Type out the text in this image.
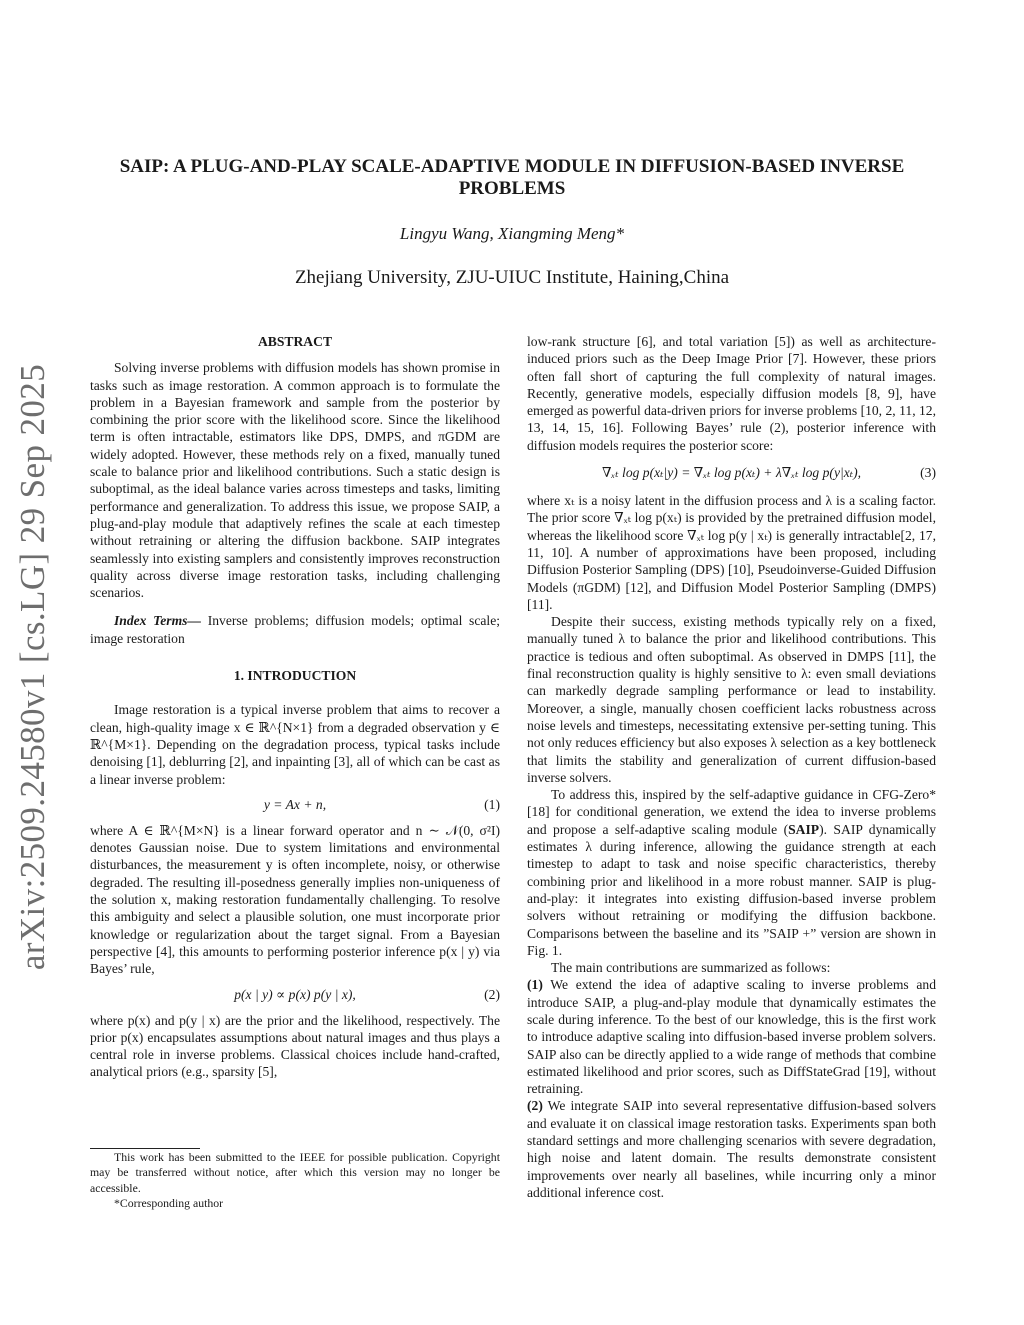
arXiv:2509.24580v1 [cs.LG] 29 Sep 2025
SAIP: A PLUG-AND-PLAY SCALE-ADAPTIVE MODULE IN DIFFUSION-BASED INVERSE PROBLEMS
Lingyu Wang, Xiangming Meng*
Zhejiang University, ZJU-UIUC Institute, Haining,China

ABSTRACT

Solving inverse problems with diffusion models has shown promise in tasks such as image restoration. A common approach is to formulate the problem in a Bayesian framework and sample from the posterior by combining the prior score with the likelihood score. Since the likelihood term is often intractable, estimators like DPS, DMPS, and πGDM are widely adopted. However, these methods rely on a fixed, manually tuned scale to balance prior and likelihood contributions. Such a static design is suboptimal, as the ideal balance varies across timesteps and tasks, limiting performance and generalization. To address this issue, we propose SAIP, a plug-and-play module that adaptively refines the scale at each timestep without retraining or altering the diffusion backbone. SAIP integrates seamlessly into existing samplers and consistently improves reconstruction quality across diverse image restoration tasks, including challenging scenarios.

Index Terms— Inverse problems; diffusion models; optimal scale; image restoration

1. INTRODUCTION

Image restoration is a typical inverse problem that aims to recover a clean, high-quality image x ∈ ℝ^{N×1} from a degraded observation y ∈ ℝ^{M×1}. Depending on the degradation process, typical tasks include denoising [1], deblurring [2], and inpainting [3], all of which can be cast as a linear inverse problem:

y = Ax + n,	(1)

where A ∈ ℝ^{M×N} is a linear forward operator and n ∼ 𝒩(0, σ²I) denotes Gaussian noise. Due to system limitations and environmental disturbances, the measurement y is often incomplete, noisy, or otherwise degraded. The resulting ill-posedness generally implies non-uniqueness of the solution x, making restoration fundamentally challenging. To resolve this ambiguity and select a plausible solution, one must incorporate prior knowledge or regularization about the target signal. From a Bayesian perspective [4], this amounts to performing posterior inference p(x | y) via Bayes’ rule,

p(x | y) ∝ p(x) p(y | x),	(2)

where p(x) and p(y | x) are the prior and the likelihood, respectively. The prior p(x) encapsulates assumptions about natural images and thus plays a central role in inverse problems. Classical choices include hand-crafted, analytical priors (e.g., sparsity [5],

low-rank structure [6], and total variation [5]) as well as architecture-induced priors such as the Deep Image Prior [7]. However, these priors often fall short of capturing the full complexity of natural images. Recently, generative models, especially diffusion models [8, 9], have emerged as powerful data-driven priors for inverse problems [10, 2, 11, 12, 13, 14, 15, 16]. Following Bayes’ rule (2), posterior inference with diffusion models requires the posterior score:

∇ₓₜ log p(xₜ|y) = ∇ₓₜ log p(xₜ) + λ∇ₓₜ log p(y|xₜ),	(3)

where xₜ is a noisy latent in the diffusion process and λ is a scaling factor. The prior score ∇ₓₜ log p(xₜ) is provided by the pretrained diffusion model, whereas the likelihood score ∇ₓₜ log p(y | xₜ) is generally intractable[2, 17, 11, 10]. A number of approximations have been proposed, including Diffusion Posterior Sampling (DPS) [10], Pseudoinverse-Guided Diffusion Models (πGDM) [12], and Diffusion Model Posterior Sampling (DMPS) [11].

Despite their success, existing methods typically rely on a fixed, manually tuned λ to balance the prior and likelihood contributions. This practice is tedious and often suboptimal. As observed in DMPS [11], the final reconstruction quality is highly sensitive to λ: even small deviations can markedly degrade sampling performance or lead to instability. Moreover, a single, manually chosen coefficient lacks robustness across noise levels and timesteps, necessitating extensive per-setting tuning. This not only reduces efficiency but also exposes λ selection as a key bottleneck that limits the stability and generalization of current diffusion-based inverse solvers.

To address this, inspired by the self-adaptive guidance in CFG-Zero* [18] for conditional generation, we extend the idea to inverse problems and propose a self-adaptive scaling module (SAIP). SAIP dynamically estimates λ during inference, allowing the guidance strength at each timestep to adapt to task and noise specific characteristics, thereby combining prior and likelihood in a more robust manner. SAIP is plug-and-play: it integrates into existing diffusion-based inverse problem solvers without retraining or modifying the diffusion backbone. Comparisons between the baseline and its ”SAIP +” version are shown in Fig. 1.

The main contributions are summarized as follows:

(1) We extend the idea of adaptive scaling to inverse problems and introduce SAIP, a plug-and-play module that dynamically estimates the scale during inference. To the best of our knowledge, this is the first work to introduce adaptive scaling into diffusion-based inverse problem solvers. SAIP also can be directly applied to a wide range of methods that combine estimated likelihood and prior scores, such as DiffStateGrad [19], without retraining.

(2) We integrate SAIP into several representative diffusion-based solvers and evaluate it on classical image restoration tasks. Experiments span both standard settings and more challenging scenarios with severe degradation, high noise and latent domain. The results demonstrate consistent improvements over nearly all baselines, while incurring only a minor additional inference cost.

This work has been submitted to the IEEE for possible publication. Copyright may be transferred without notice, after which this version may no longer be accessible.

*Corresponding author
